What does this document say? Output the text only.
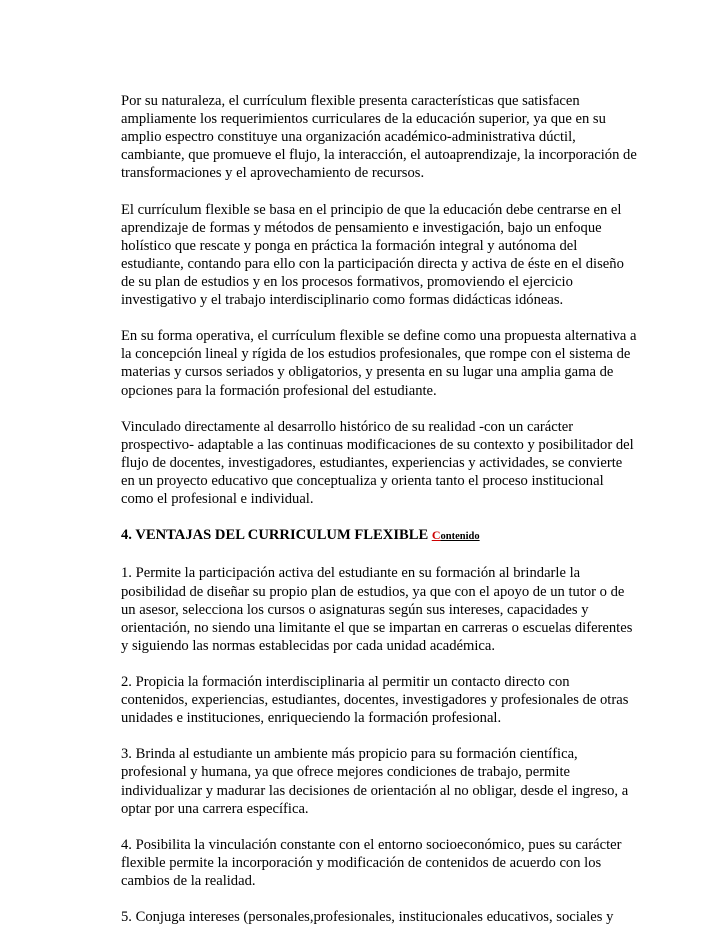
Por su naturaleza, el currículum flexible presenta características que satisfacen
ampliamente los requerimientos curriculares de la educación superior, ya que en su
amplio espectro constituye una organización académico-administrativa dúctil,
cambiante, que promueve el flujo, la interacción, el autoaprendizaje, la incorporación de
transformaciones y el aprovechamiento de recursos.

El currículum flexible se basa en el principio de que la educación debe centrarse en el
aprendizaje de formas y métodos de pensamiento e investigación, bajo un enfoque
holístico que rescate y ponga en práctica la formación integral y autónoma del
estudiante, contando para ello con la participación directa y activa de éste en el diseño
de su plan de estudios y en los procesos formativos, promoviendo el ejercicio
investigativo y el trabajo interdisciplinario como formas didácticas idóneas.

En su forma operativa, el currículum flexible se define como una propuesta alternativa a
la concepción lineal y rígida de los estudios profesionales, que rompe con el sistema de
materias y cursos seriados y obligatorios, y presenta en su lugar una amplia gama de
opciones para la formación profesional del estudiante.

Vinculado directamente al desarrollo histórico de su realidad -con un carácter
prospectivo- adaptable a las continuas modificaciones de su contexto y posibilitador del
flujo de docentes, investigadores, estudiantes, experiencias y actividades, se convierte
en un proyecto educativo que conceptualiza y orienta tanto el proceso institucional
como el profesional e individual.

4. VENTAJAS DEL CURRICULUM FLEXIBLE Contenido

1. Permite la participación activa del estudiante en su formación al brindarle la
posibilidad de diseñar su propio plan de estudios, ya que con el apoyo de un tutor o de
un asesor, selecciona los cursos o asignaturas según sus intereses, capacidades y
orientación, no siendo una limitante el que se impartan en carreras o escuelas diferentes
y siguiendo las normas establecidas por cada unidad académica.

2. Propicia la formación interdisciplinaria al permitir un contacto directo con
contenidos, experiencias, estudiantes, docentes, investigadores y profesionales de otras
unidades e instituciones, enriqueciendo la formación profesional.

3. Brinda al estudiante un ambiente más propicio para su formación científica,
profesional y humana, ya que ofrece mejores condiciones de trabajo, permite
individualizar y madurar las decisiones de orientación al no obligar, desde el ingreso, a
optar por una carrera específica.

4. Posibilita la vinculación constante con el entorno socioeconómico, pues su carácter
flexible permite la incorporación y modificación de contenidos de acuerdo con los
cambios de la realidad.

5. Conjuga intereses (personales,profesionales, institucionales educativos, sociales y
